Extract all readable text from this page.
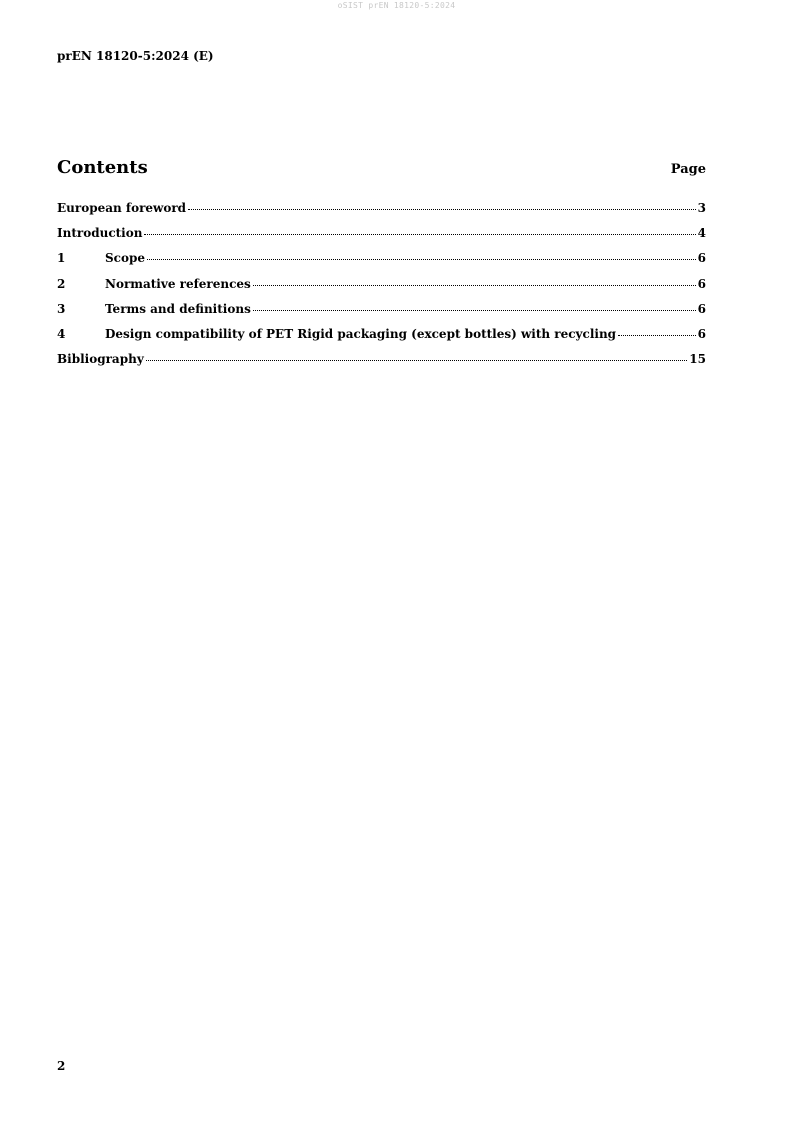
oSIST prEN 18120-5:2024
prEN 18120-5:2024 (E)
Contents	Page
European foreword	3
Introduction	4
1	Scope	6
2	Normative references	6
3	Terms and definitions	6
4	Design compatibility of PET Rigid packaging (except bottles) with recycling	6
Bibliography	15
2
